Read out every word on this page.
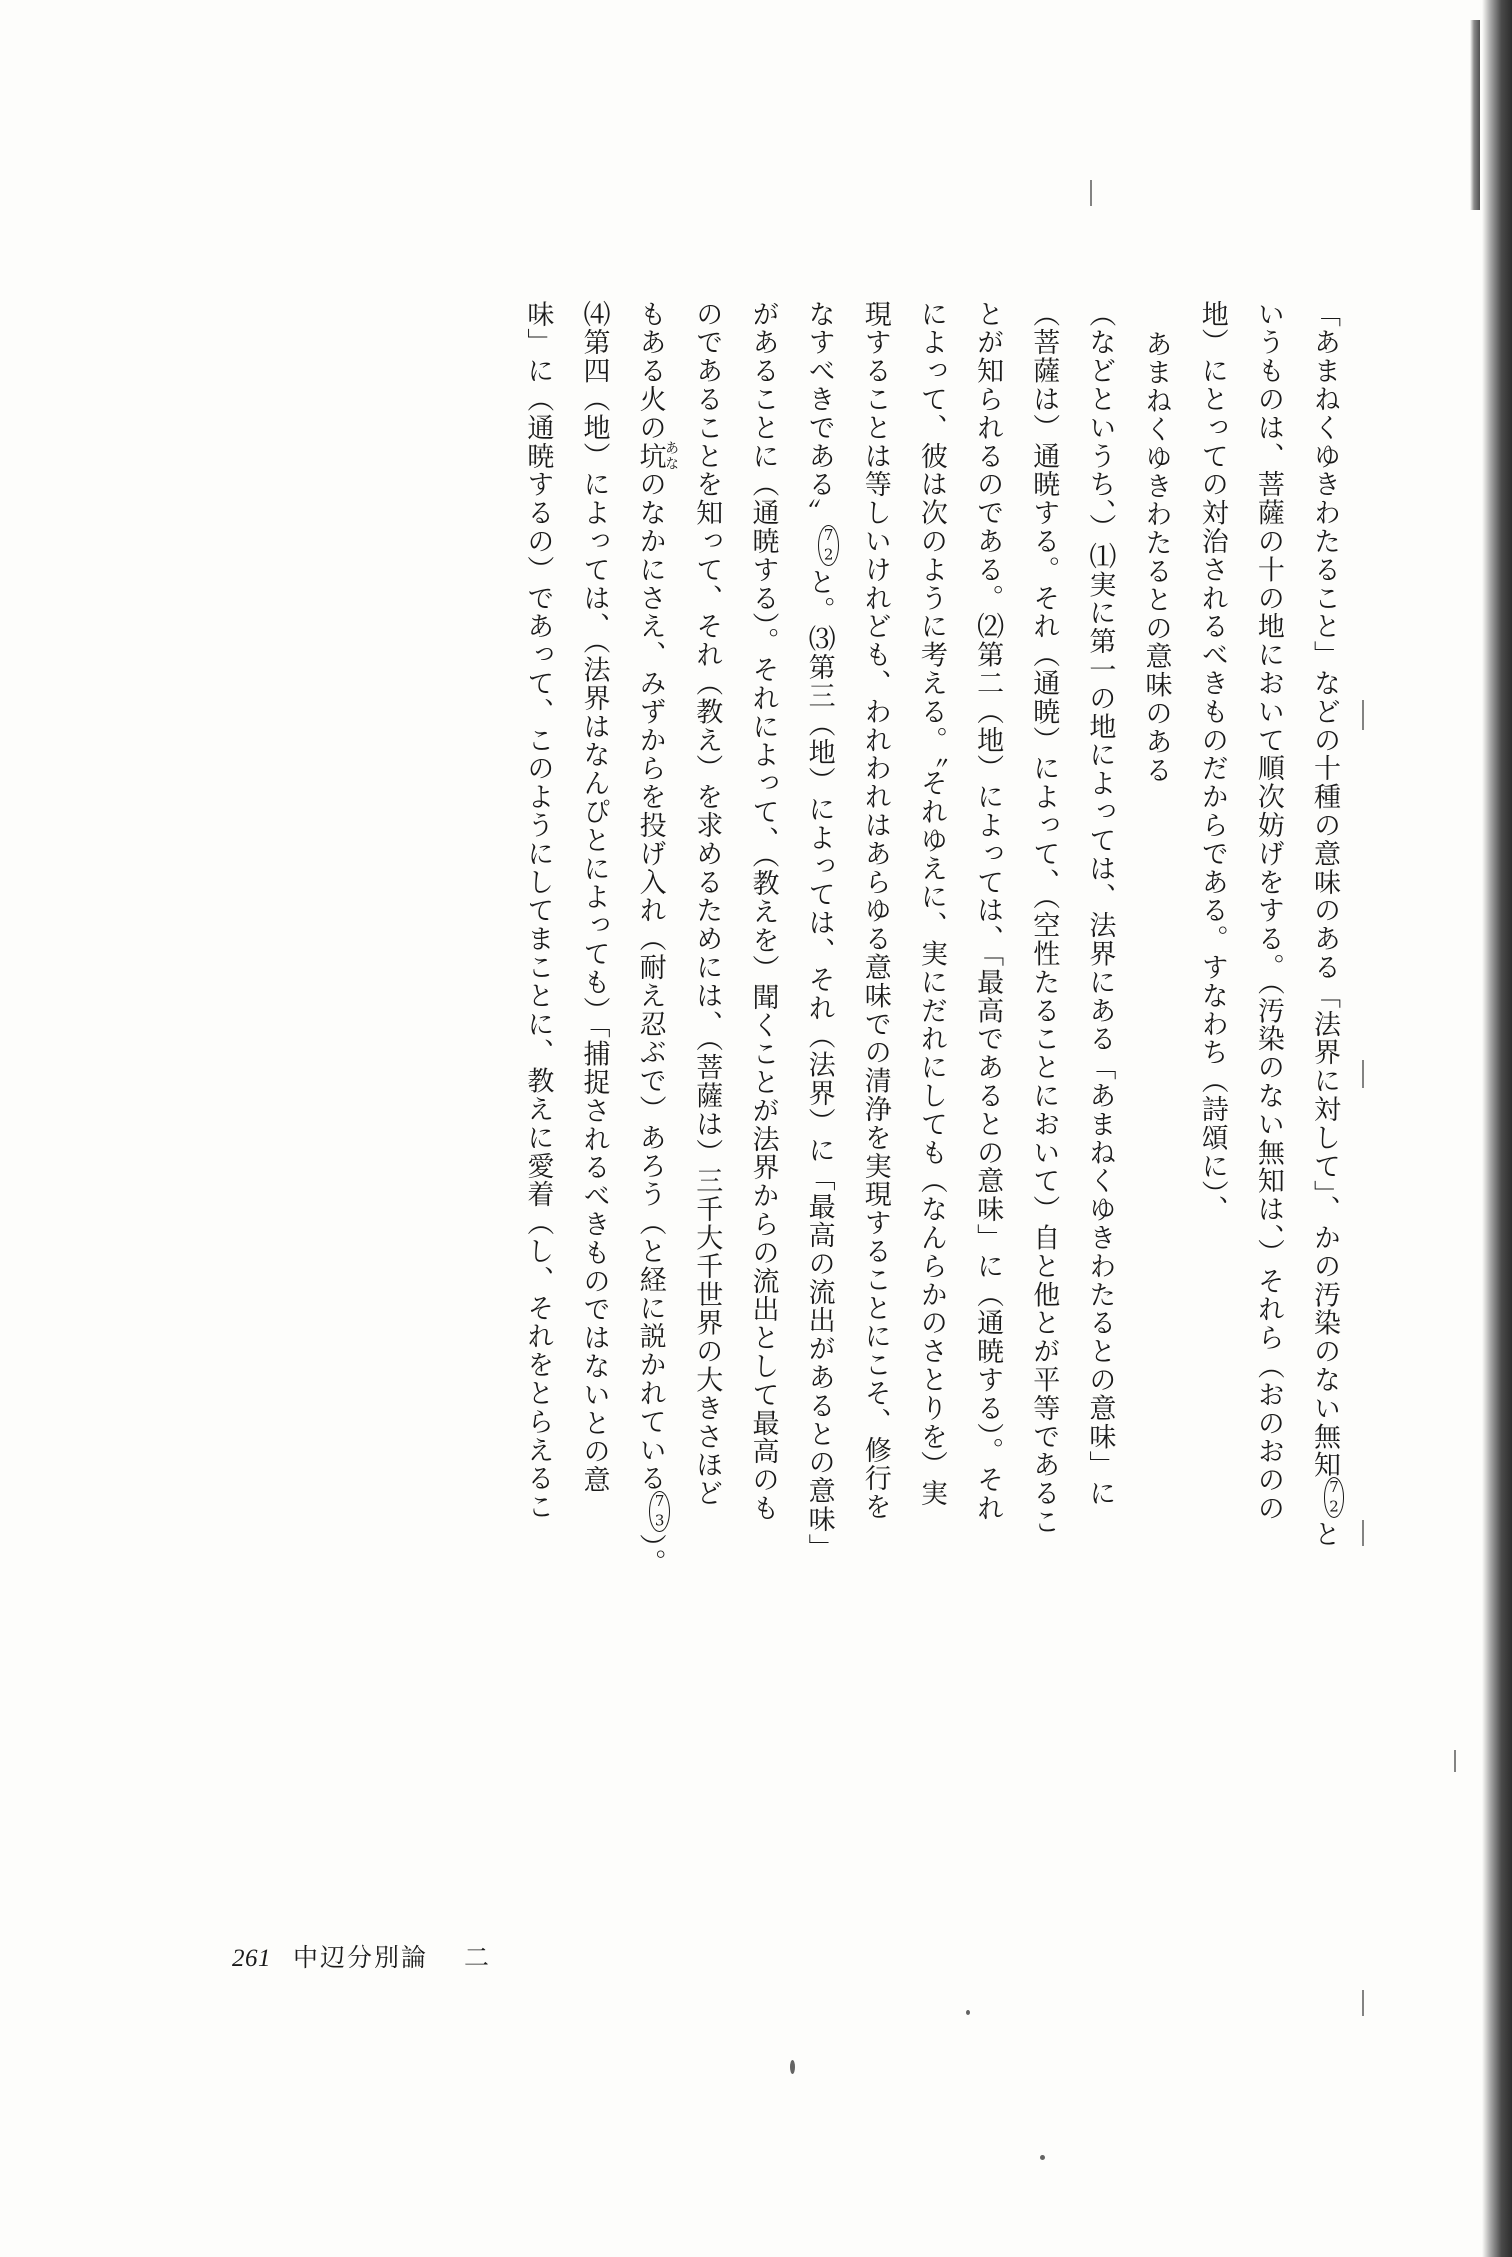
「あまねくゆきわたること」などの十種の意味のある「法界に対して」、かの汚染のない無知72と

いうものは、菩薩の十の地において順次妨げをする。（汚染のない無知は、）それら（おのおのの

地）にとっての対治されるべきものだからである。すなわち（詩頌に）、

あまねくゆきわたるとの意味のある

（などというち、）⑴実に第一の地によっては、法界にある「あまねくゆきわたるとの意味」に

（菩薩は）通暁する。それ（通暁）によって、（空性たることにおいて）自と他とが平等であるこ

とが知られるのである。⑵第二（地）によっては、「最高であるとの意味」に（通暁する）。それ

によって、彼は次のように考える。〝それゆえに、実にだれにしても（なんらかのさとりを）実

現することは等しいけれども、われわれはあらゆる意味での清浄を実現することにこそ、修行を

なすべきである〟72と。⑶第三（地）によっては、それ（法界）に「最高の流出があるとの意味」

があることに（通暁する）。それによって、（教えを）聞くことが法界からの流出として最高のも

のであることを知って、それ（教え）を求めるためには、（菩薩は）三千大千世界の大きさほど

もある火の坑あなのなかにさえ、みずからを投げ入れ（耐え忍ぶで）あろう（と経に説かれている73）。

⑷第四（地）によっては、（法界はなんぴとによっても）「捕捉されるべきものではないとの意

味」に（通暁するの）であって、このようにしてまことに、教えに愛着（し、それをとらえるこ

261 中辺分別論 二
